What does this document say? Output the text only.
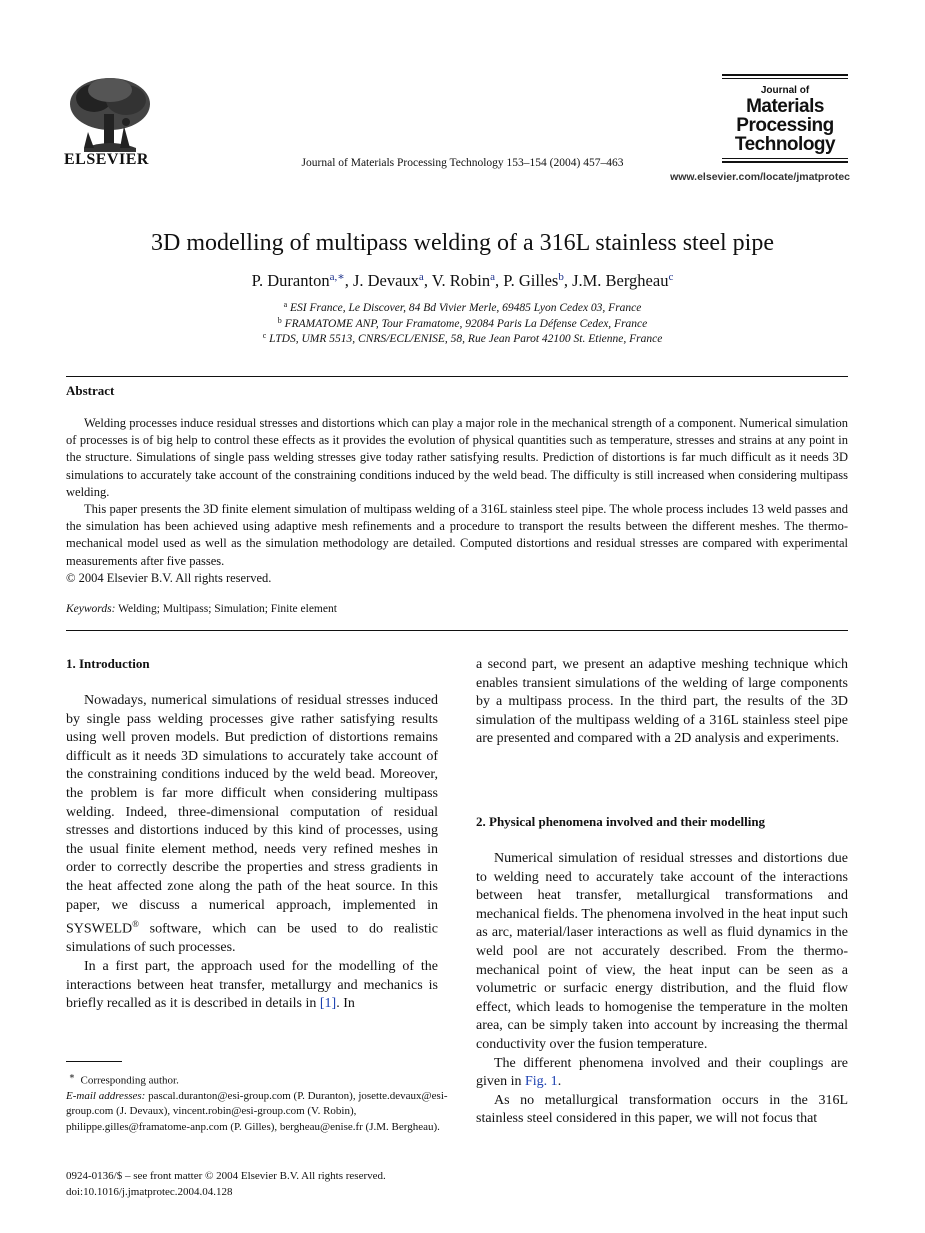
ELSEVIER	Journal of Materials Processing Technology 153–154 (2004) 457–463
Journal of
Materials
Processing
Technology
www.elsevier.com/locate/jmatprotec
3D modelling of multipass welding of a 316L stainless steel pipe
P. Duranton$^{a,∗}$, J. Devaux$^a$, V. Robin$^a$, P. Gilles$^b$, J.M. Bergheau$^c$
$^a$ ESI France, Le Discover, 84 Bd Vivier Merle, 69485 Lyon Cedex 03, France
$^b$ FRAMATOME ANP, Tour Framatome, 92084 Paris La Défense Cedex, France
$^c$ LTDS, UMR 5513, CNRS/ECL/ENISE, 58, Rue Jean Parot 42100 St. Etienne, France
Abstract

Welding processes induce residual stresses and distortions which can play a major role in the mechanical strength of a component. Numerical simulation of processes is of big help to control these effects as it provides the evolution of physical quantities such as temperature, stresses and strains at any point in the structure. Simulations of single pass welding stresses give today rather satisfying results. Prediction of distortions is far much difficult as it needs 3D simulations to accurately take account of the constraining conditions induced by the weld bead. The difficulty is still increased when considering multipass welding.

This paper presents the 3D finite element simulation of multipass welding of a 316L stainless steel pipe. The whole process includes 13 weld passes and the simulation has been achieved using adaptive mesh refinements and a procedure to transport the results between the different meshes. The thermo-mechanical model used as well as the simulation methodology are detailed. Computed distortions and residual stresses are compared with experimental measurements after five passes.

© 2004 Elsevier B.V. All rights reserved.

Keywords: Welding; Multipass; Simulation; Finite element
1. Introduction

Nowadays, numerical simulations of residual stresses induced by single pass welding processes give rather satisfying results using well proven models. But prediction of distortions remains difficult as it needs 3D simulations to accurately take account of the constraining conditions induced by the weld bead. Moreover, the problem is far more difficult when considering multipass welding. Indeed, three-dimensional computation of residual stresses and distortions induced by this kind of processes, using the usual finite element method, needs very refined meshes in order to correctly describe the properties and stress gradients in the heat affected zone along the path of the heat source. In this paper, we discuss a numerical approach, implemented in SYSWELD® software, which can be used to do realistic simulations of such processes.

In a first part, the approach used for the modelling of the interactions between heat transfer, metallurgy and mechanics is briefly recalled as it is described in details in [1]. In

a second part, we present an adaptive meshing technique which enables transient simulations of the welding of large components by a multipass process. In the third part, the results of the 3D simulation of the multipass welding of a 316L stainless steel pipe are presented and compared with a 2D analysis and experiments.

2. Physical phenomena involved and their modelling

Numerical simulation of residual stresses and distortions due to welding need to accurately take account of the interactions between heat transfer, metallurgical transformations and mechanical fields. The phenomena involved in the heat input such as arc, material/laser interactions as well as fluid dynamics in the weld pool are not accurately described. From the thermo-mechanical point of view, the heat input can be seen as a volumetric or surfacic energy distribution, and the fluid flow effect, which leads to homogenise the temperature in the molten area, can be simply taken into account by increasing the thermal conductivity over the fusion temperature.

The different phenomena involved and their couplings are given in Fig. 1.

As no metallurgical transformation occurs in the 316L stainless steel considered in this paper, we will not focus that

∗ Corresponding author.
E-mail addresses: pascal.duranton@esi-group.com (P. Duranton), josette.devaux@esi-group.com (J. Devaux), vincent.robin@esi-group.com (V. Robin), philippe.gilles@framatome-anp.com (P. Gilles), bergheau@enise.fr (J.M. Bergheau).
0924-0136/$ – see front matter © 2004 Elsevier B.V. All rights reserved.
doi:10.1016/j.jmatprotec.2004.04.128
